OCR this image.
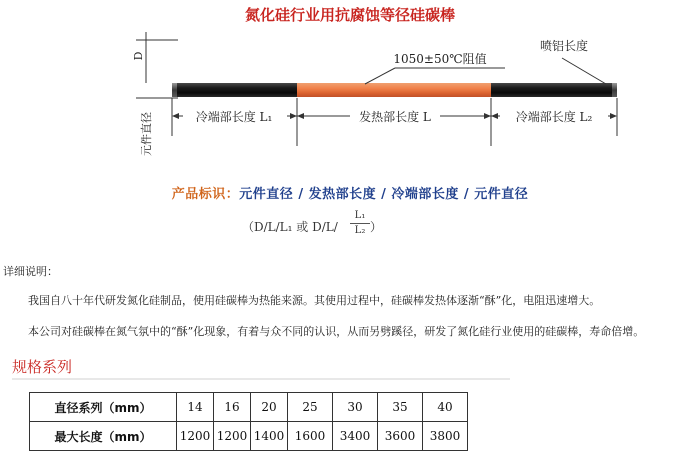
氮化硅行业用抗腐蚀等径硅碳棒
D	1050±50℃阻值
喷铝长度
元件直径	冷端部长度 L₁	发热部长度 L	冷端部长度 L₂
产品标识：元件直径 / 发热部长度 / 冷端部长度 / 元件直径
（D/L/L₁ 或 D/L/
L₁
L₂ ）
详细说明：
我国自八十年代研发氮化硅制品，使用硅碳棒为热能来源。其使用过程中，硅碳棒发热体逐渐“酥”化，电阻迅速增大。
本公司对硅碳棒在氮气氛中的“酥”化现象，有着与众不同的认识，从而另劈蹊径，研发了氮化硅行业使用的硅碳棒，寿命倍增。
规格系列
直径系列（mm）	14	16	20	25	30	35	40
最大长度（mm）	1200	1200	1400	1600	3400	3600	3800
